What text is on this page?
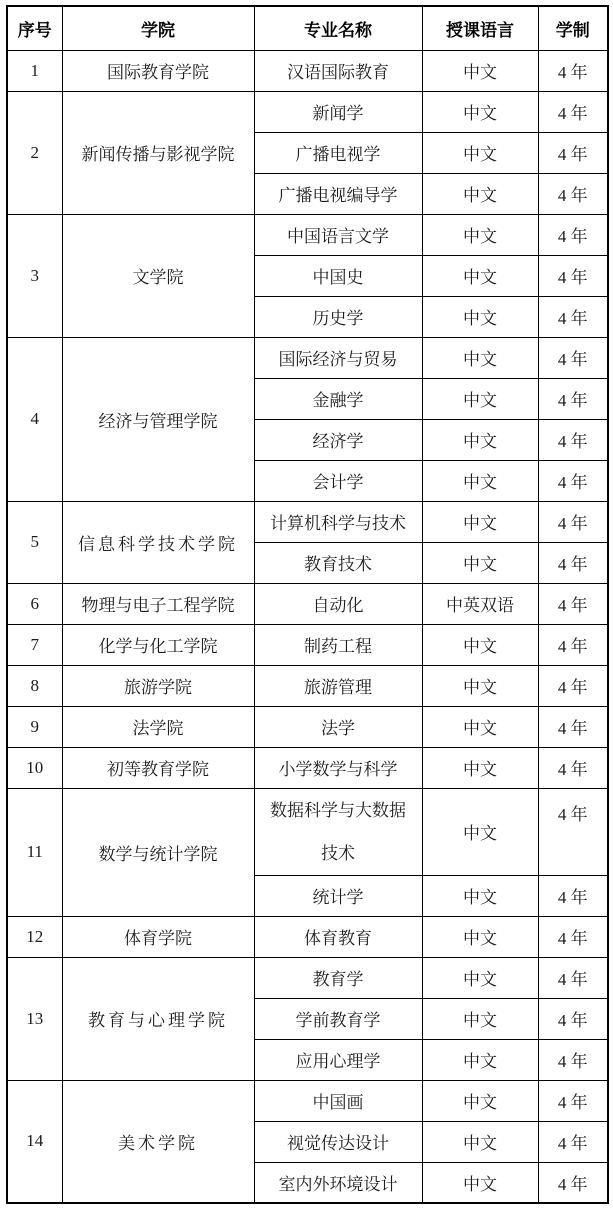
序号	学院	专业名称	授课语言	学制
1	国际教育学院	汉语国际教育	中文	4 年
2	新闻传播与影视学院	新闻学	中文	4 年
		广播电视学	中文	4 年
		广播电视编导学	中文	4 年
3	文学院	中国语言文学	中文	4 年
		中国史	中文	4 年
		历史学	中文	4 年
4	经济与管理学院	国际经济与贸易	中文	4 年
		金融学	中文	4 年
		经济学	中文	4 年
		会计学	中文	4 年
5	信息科学技术学院	计算机科学与技术	中文	4 年
		教育技术	中文	4 年
6	物理与电子工程学院	自动化	中英双语	4 年
7	化学与化工学院	制药工程	中文	4 年
8	旅游学院	旅游管理	中文	4 年
9	法学院	法学	中文	4 年
10	初等教育学院	小学数学与科学	中文	4 年
11	数学与统计学院	数据科学与大数据技术	中文	4 年
		统计学	中文	4 年
12	体育学院	体育教育	中文	4 年
13	教育与心理学院	教育学	中文	4 年
		学前教育学	中文	4 年
		应用心理学	中文	4 年
14	美术学院	中国画	中文	4 年
		视觉传达设计	中文	4 年
		室内外环境设计	中文	4 年
